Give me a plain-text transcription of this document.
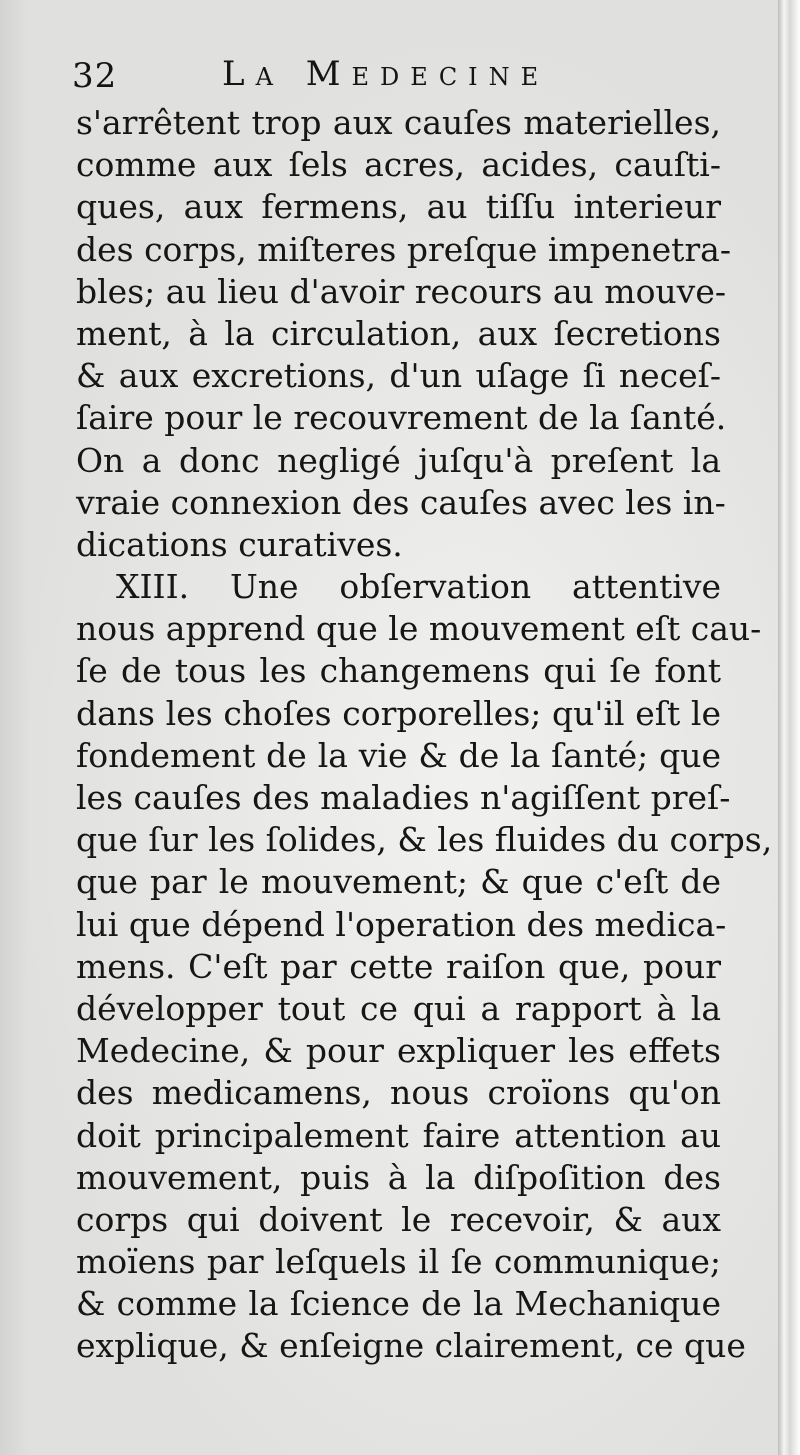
32	La Medecine
s'arrêtent trop aux cauſes materielles,
comme aux ſels acres, acides, cauſti-
ques, aux fermens, au tiſſu interieur
des corps, miſteres preſque impenetra-
bles; au lieu d'avoir recours au mouve-
ment, à la circulation, aux ſecretions
& aux excretions, d'un uſage ſi neceſ-
ſaire pour le recouvrement de la ſanté.
On a donc negligé juſqu'à preſent la
vraie connexion des cauſes avec les in-
dications curatives.
XIII. Une obſervation attentive
nous apprend que le mouvement eſt cau-
ſe de tous les changemens qui ſe font
dans les choſes corporelles; qu'il eſt le
fondement de la vie & de la ſanté; que
les cauſes des maladies n'agiſſent preſ-
que ſur les ſolides, & les fluides du corps,
que par le mouvement; & que c'eſt de
lui que dépend l'operation des medica-
mens. C'eſt par cette raiſon que, pour
développer tout ce qui a rapport à la
Medecine, & pour expliquer les effets
des medicamens, nous croïons qu'on
doit principalement faire attention au
mouvement, puis à la diſpoſition des
corps qui doivent le recevoir, & aux
moïens par leſquels il ſe communique;
& comme la ſcience de la Mechanique
explique, & enſeigne clairement, ce que
